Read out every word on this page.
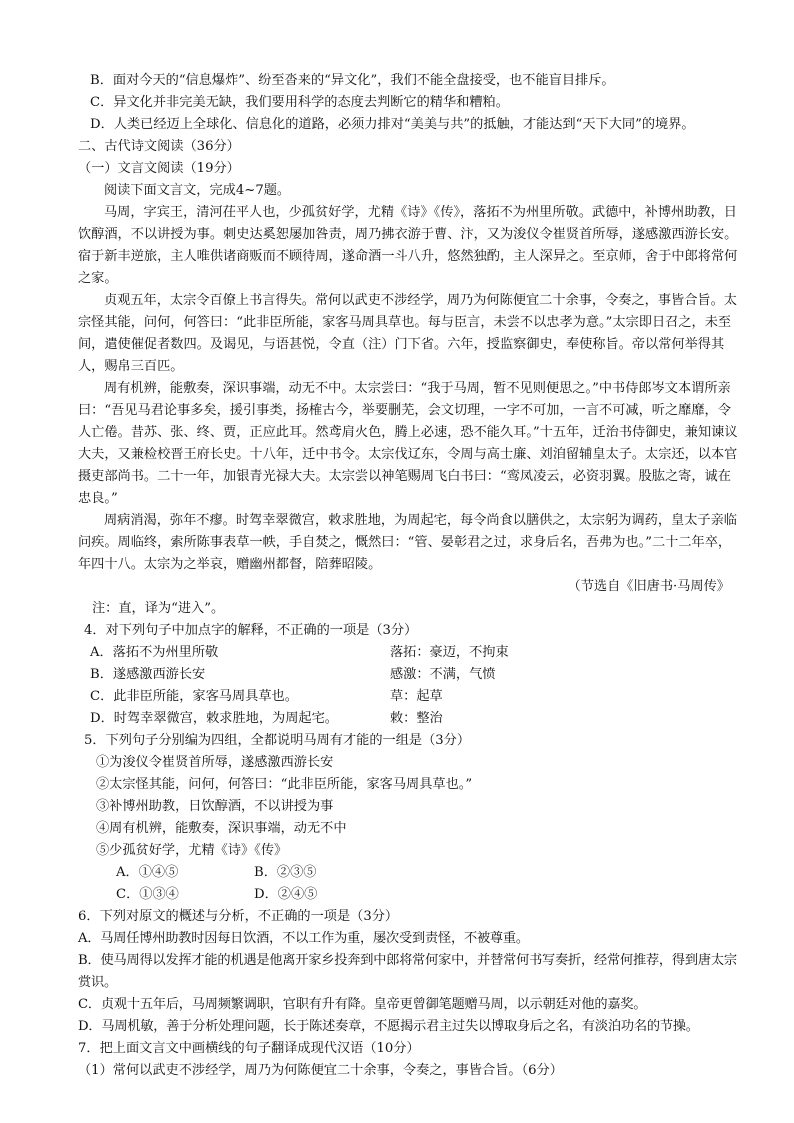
B．面对今天的“信息爆炸”、纷至沓来的“异文化”，我们不能全盘接受，也不能盲目排斥。

C．异文化并非完美无缺，我们要用科学的态度去判断它的精华和糟粕。

D．人类已经迈上全球化、信息化的道路，必须力排对“美美与共”的抵触，才能达到“天下大同”的境界。

二、古代诗文阅读（36分）

（一）文言文阅读（19分）

阅读下面文言文，完成4~7题。

马周，字宾王，清河茌平人也，少孤贫好学，尤精《诗》《传》，落拓不为州里所敬。武德中，补博州助教，日饮醇酒，不以讲授为事。刺史达奚恕屡加咎责，周乃拂衣游于曹、汴，又为浚仪令崔贤首所辱，遂感激西游长安。宿于新丰逆旅，主人唯供诸商贩而不顾待周，遂命酒一斗八升，悠然独酌，主人深异之。至京师，舍于中郎将常何之家。

贞观五年，太宗令百僚上书言得失。常何以武吏不涉经学，周乃为何陈便宜二十余事，令奏之，事皆合旨。太宗怪其能，问何，何答曰：“此非臣所能，家客马周具草也。每与臣言，未尝不以忠孝为意。”太宗即日召之，未至间，遣使催促者数四。及谒见，与语甚悦，令直（注）门下省。六年，授监察御史，奉使称旨。帝以常何举得其人，赐帛三百匹。

周有机辨，能敷奏，深识事端，动无不中。太宗尝曰：“我于马周，暂不见则便思之。”中书侍郎岑文本谓所亲曰：“吾见马君论事多矣，援引事类，扬榷古今，举要删芜，会文切理，一字不可加，一言不可减，听之靡靡，令人亡倦。昔苏、张、终、贾，正应此耳。然鸢肩火色，腾上必速，恐不能久耳。”十五年，迁治书侍御史，兼知谏议大夫，又兼检校晋王府长史。十八年，迁中书令。太宗伐辽东，令周与高士廉、刘洎留辅皇太子。太宗还，以本官摄吏部尚书。二十一年，加银青光禄大夫。太宗尝以神笔赐周飞白书曰：“鸾凤凌云，必资羽翼。股肱之寄，诚在忠良。”

周病消渴，弥年不瘳。时驾幸翠微宫，敕求胜地，为周起宅，每令尚食以膳供之，太宗躬为调药，皇太子亲临问疾。周临终，索所陈事表草一帙，手自焚之，慨然曰：“管、晏彰君之过，求身后名，吾弗为也。”二十二年卒，年四十八。太宗为之举哀，赠幽州都督，陪葬昭陵。

（节选自《旧唐书·马周传》

注：直，译为“进入”。

4．对下列句子中加点字的解释，不正确的一项是（3分）

A．落拓不为州里所敬	落拓：豪迈，不拘束
B．遂感激西游长安	感激：不满，气愤
C．此非臣所能，家客马周具草也。	草：起草
D．时驾幸翠微宫，敕求胜地，为周起宅。	敕：整治

5．下列句子分别编为四组，全都说明马周有才能的一组是（3分）

①为浚仪令崔贤首所辱，遂感激西游长安

②太宗怪其能，问何，何答曰：“此非臣所能，家客马周具草也。”

③补博州助教，日饮醇酒，不以讲授为事

④周有机辨，能敷奏，深识事端，动无不中

⑤少孤贫好学，尤精《诗》《传》

A．①④⑤	B．②③⑤
C．①③④	D．②④⑤

6．下列对原文的概述与分析，不正确的一项是（3分）

A．马周任博州助教时因每日饮酒，不以工作为重，屡次受到责怪，不被尊重。

B．使马周得以发挥才能的机遇是他离开家乡投奔到中郎将常何家中，并替常何书写奏折，经常何推荐，得到唐太宗赏识。

C．贞观十五年后，马周频繁调职，官职有升有降。皇帝更曾御笔题赠马周，以示朝廷对他的嘉奖。

D．马周机敏，善于分析处理问题，长于陈述奏章，不愿揭示君主过失以博取身后之名，有淡泊功名的节操。

7．把上面文言文中画横线的句子翻译成现代汉语（10分）

（1）常何以武吏不涉经学，周乃为何陈便宜二十余事，令奏之，事皆合旨。（6分）
